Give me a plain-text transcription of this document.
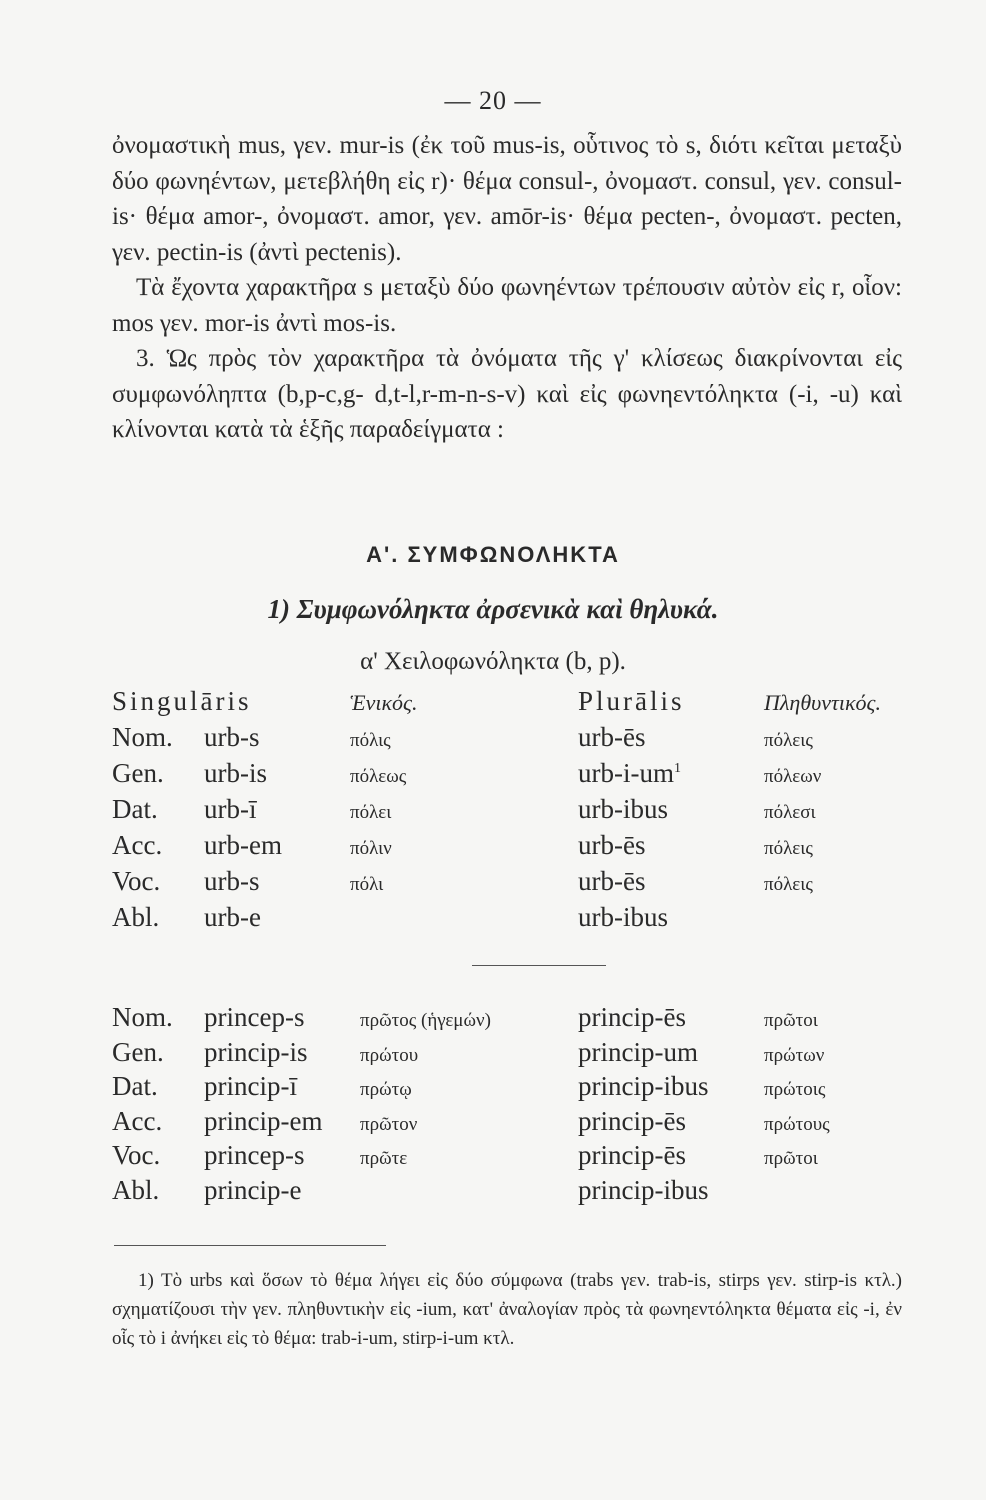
— 20 —

ὀνομαστικὴ mus, γεν. mur-is (ἐκ τοῦ mus-is, οὗτινος τὸ s, διότι κεῖται μεταξὺ δύο φωνηέντων, μετεβλήθη εἰς r)· θέμα consul-, ὀνομαστ. consul, γεν. consul-is· θέμα amor-, ὀνομαστ. amor, γεν. amōr-is· θέμα pecten-, ὀνομαστ. pecten, γεν. pectin-is (ἀντὶ pectenis).

Τὰ ἔχοντα χαρακτῆρα s μεταξὺ δύο φωνηέντων τρέπουσιν αὐτὸν εἰς r, οἷον: mos γεν. mor-is ἀντὶ mos-is.

3. Ὡς πρὸς τὸν χαρακτῆρα τὰ ὀνόματα τῆς γ' κλίσεως διακρίνονται εἰς συμφωνόληπτα (b,p-c,g- d,t-l,r-m-n-s-v) καὶ εἰς φωνηεντόληκτα (-i, -u) καὶ κλίνονται κατὰ τὰ ἑξῆς παραδείγματα :

Α'. ΣΥΜΦΩΝΟΛΗΚΤΑ
1) Συμφωνόληκτα ἀρσενικὰ καὶ θηλυκά.
α' Χειλοφωνόληκτα (b, p).
Singulāris		Ἑνικός.	Plurālis	Πληθυντικός.
Nom.	urb-s	πόλις	urb-ēs	πόλεις
Gen.	urb-is	πόλεως	urb-$i-um^1$	πόλεων
Dat.	urb-ī	πόλει	urb-ibus	πόλεσι
Acc.	urb-em	πόλιν	urb-ēs	πόλεις
Voc.	urb-s	πόλι	urb-ēs	πόλεις
Abl.	urb-e		urb-ibus	
Nom.	princep-s	πρῶτος (ἡγεμών)	princip-ēs	πρῶτοι
Gen.	princip-is	πρώτου	princip-um	πρώτων
Dat.	princip-ī	πρώτῳ	princip-ibus	πρώτοις
Acc.	princip-em	πρῶτον	princip-ēs	πρώτους
Voc.	princep-s	πρῶτε	princip-ēs	πρῶτοι
Abl.	princip-e		princip-ibus	

1) Τὸ urbs καὶ ὅσων τὸ θέμα λήγει εἰς δύο σύμφωνα (trabs γεν. trab-is, stirps γεν. stirp-is κτλ.) σχηματίζουσι τὴν γεν. πληθυντικὴν εἰς -ium, κατ' ἀναλογίαν πρὸς τὰ φωνηεντόληκτα θέματα εἰς -i, ἐν οἷς τὸ i ἀνήκει εἰς τὸ θέμα: trab-i-um, stirp-i-um κτλ.
